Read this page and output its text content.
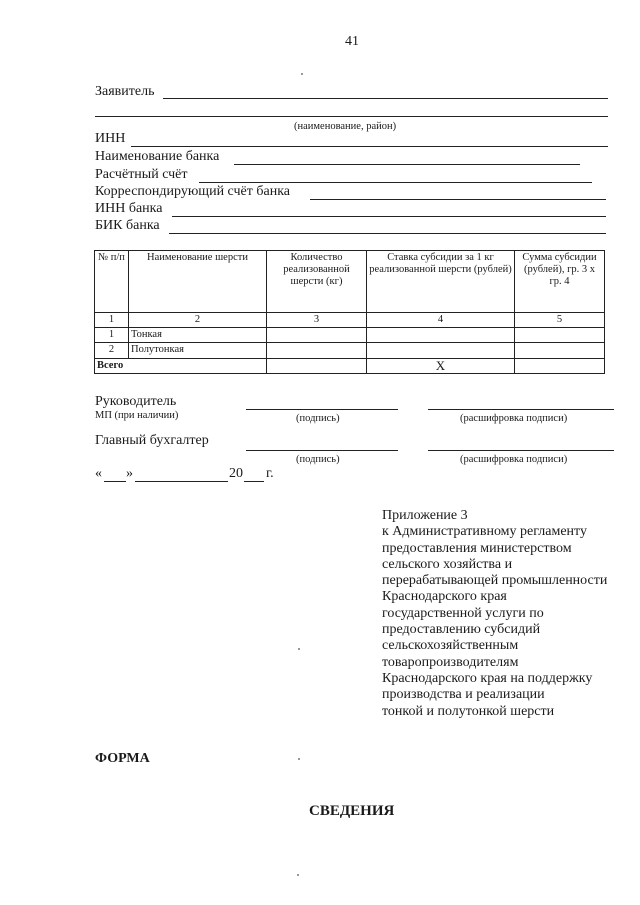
41
Заявитель
(наименование, район)
ИНН
Наименование банка
Расчётный счёт
Корреспондирующий счёт банка
ИНН банка
БИК банка
№ п/п	Наименование шерсти	Количество реализованной шерсти (кг)	Ставка субсидии за 1 кг реализованной шерсти (рублей)	Сумма субсидии (рублей), гр. 3 х гр. 4
1	2	3	4	5
1	Тонкая			
2	Полутонкая			
Всего			Х	
Руководитель
МП (при наличии)	(подпись)	(расшифровка подписи)
Главный бухгалтер
(подпись)	(расшифровка подписи)
« »	20 г.
Приложение 3
к Административному регламенту
предоставления министерством
сельского хозяйства и
перерабатывающей промышленности
Краснодарского края
государственной услуги по
предоставлению субсидий
сельскохозяйственным
товаропроизводителям
Краснодарского края на поддержку
производства и реализации
тонкой и полутонкой шерсти
ФОРМА
СВЕДЕНИЯ
